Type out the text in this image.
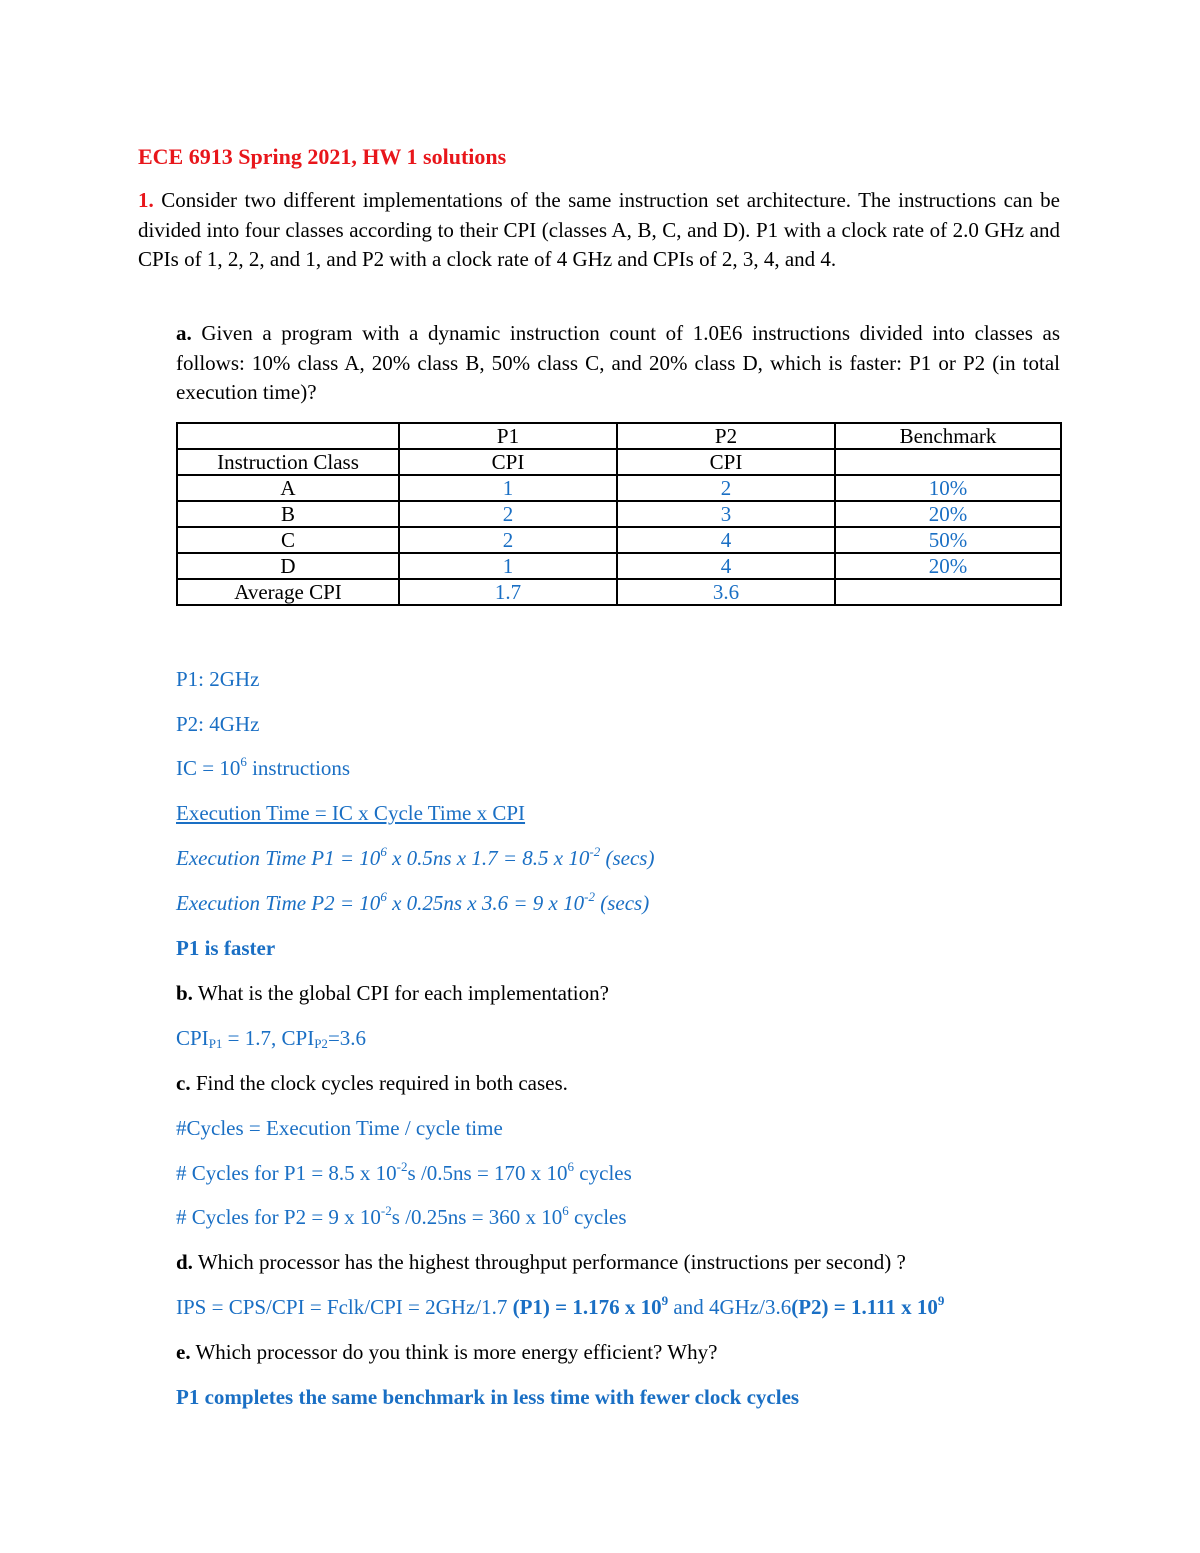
ECE 6913 Spring 2021, HW 1 solutions
1. Consider two different implementations of the same instruction set architecture. The instructions can be divided into four classes according to their CPI (classes A, B, C, and D). P1 with a clock rate of 2.0 GHz and CPIs of 1, 2, 2, and 1, and P2 with a clock rate of 4 GHz and CPIs of 2, 3, 4, and 4.
a. Given a program with a dynamic instruction count of 1.0E6 instructions divided into classes as follows: 10% class A, 20% class B, 50% class C, and 20% class D, which is faster: P1 or P2 (in total execution time)?
	P1	P2	Benchmark
Instruction Class	CPI	CPI	
A	1	2	10%
B	2	3	20%
C	2	4	50%
D	1	4	20%
Average CPI	1.7	3.6	
P1: 2GHz
P2: 4GHz
IC = $10^6$ instructions
Execution Time = IC x Cycle Time x CPI
Execution Time $P1 = 10^6$ x 0.5ns x 1.7 = 8.5 x $10^{-2}$ (secs)
Execution Time $P2 = 10^6$ x 0.25ns x 3.6 = 9 x $10^{-2}$ (secs)
P1 is faster
b. What is the global CPI for each implementation?
$CPI_{P1} = 1.7$, $CPI_{P2}=3.6$
c. Find the clock cycles required in both cases.
#Cycles = Execution Time / cycle time
# Cycles for P1 = 8.5 x $10^{-2}s$ /0.5ns = 170 x $10^6$ cycles
# Cycles for P2 = 9 x $10^{-2}s$ /0.25ns = 360 x $10^6$ cycles
d. Which processor has the highest throughput performance (instructions per second) ?
IPS = CPS/CPI = Fclk/CPI = 2GHz/1.7 (P1) = 1.176 x $10^9$ and 4GHz/3.6(P2) = 1.111 x $10^9$
e. Which processor do you think is more energy efficient? Why?
P1 completes the same benchmark in less time with fewer clock cycles
